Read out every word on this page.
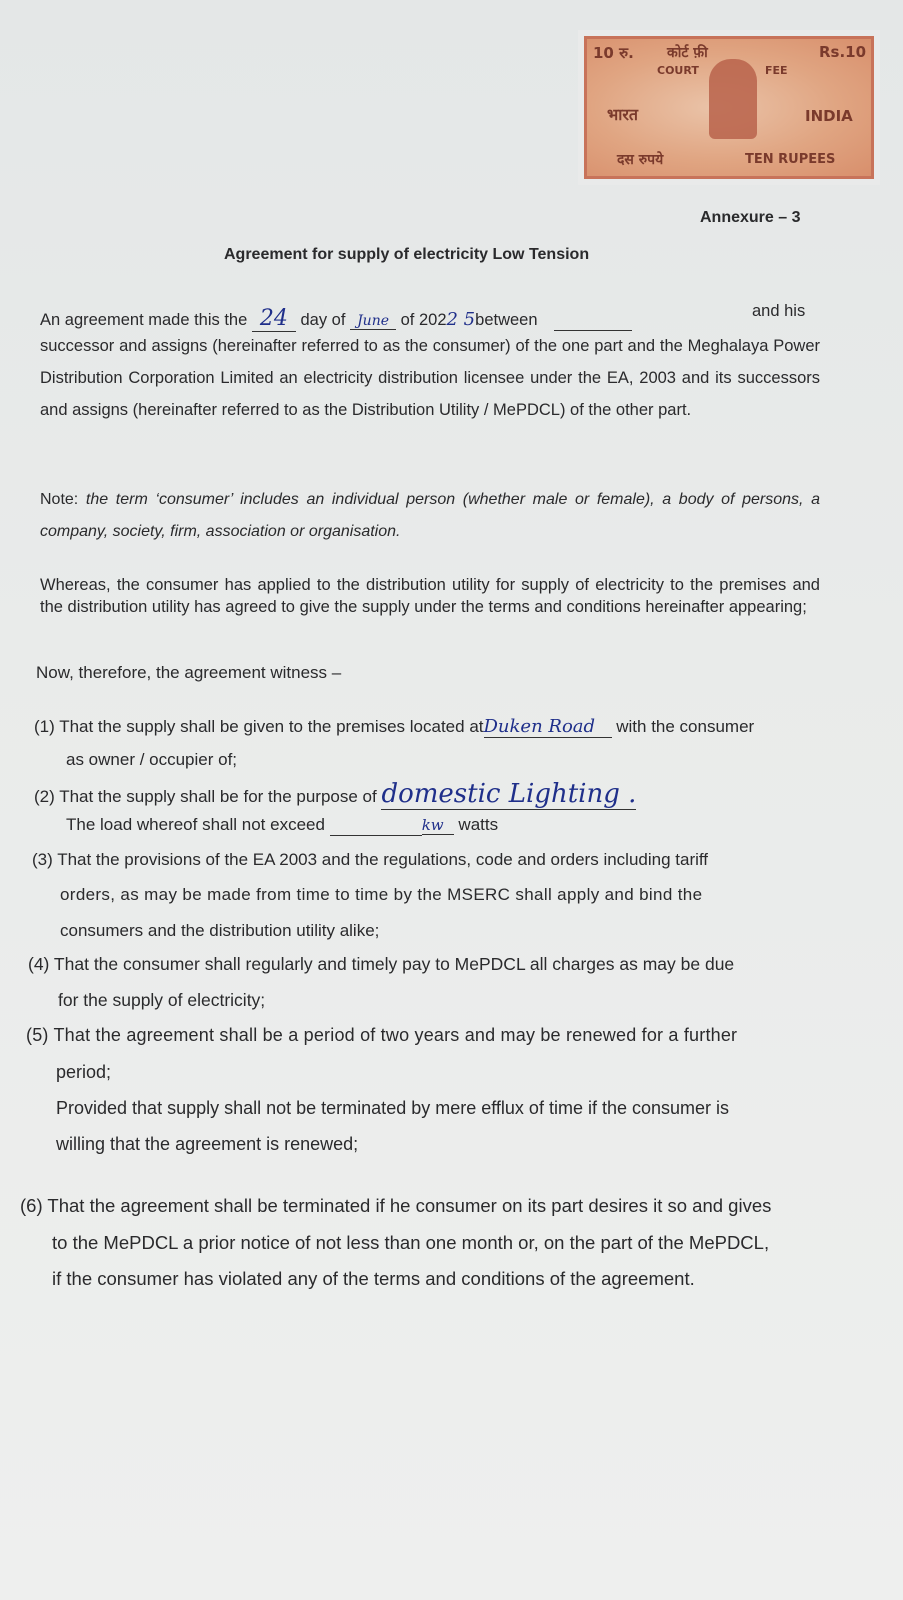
10 रु. कोर्ट फ़ी	Rs.10
COURT	FEE
भारत	INDIA
दस रुपये	TEN RUPEES
Annexure – 3
Agreement for supply of electricity Low Tension
An agreement made this the 24 day of June of 2022 5between	and his
successor and assigns (hereinafter referred to as the consumer) of the one part and the Meghalaya Power Distribution Corporation Limited an electricity distribution licensee under the EA, 2003 and its successors and assigns (hereinafter referred to as the Distribution Utility / MePDCL) of the other part.
Note: the term ‘consumer’ includes an individual person (whether male or female), a body of persons, a company, society, firm, association or organisation.
Whereas, the consumer has applied to the distribution utility for supply of electricity to the premises and the distribution utility has agreed to give the supply under the terms and conditions hereinafter appearing;
Now, therefore, the agreement witness –
(1) That the supply shall be given to the premises located atDuken Road with the consumer
as owner / occupier of;
(2) That the supply shall be for the purpose of domestic Lighting .
The load whereof shall not exceed	kw watts
(3) That the provisions of the EA 2003 and the regulations, code and orders including tariff
orders, as may be made from time to time by the MSERC shall apply and bind the
consumers and the distribution utility alike;
(4) That the consumer shall regularly and timely pay to MePDCL all charges as may be due
for the supply of electricity;
(5) That the agreement shall be a period of two years and may be renewed for a further
period;
Provided that supply shall not be terminated by mere efflux of time if the consumer is
willing that the agreement is renewed;
(6) That the agreement shall be terminated if he consumer on its part desires it so and gives
to the MePDCL a prior notice of not less than one month or, on the part of the MePDCL,
if the consumer has violated any of the terms and conditions of the agreement.
